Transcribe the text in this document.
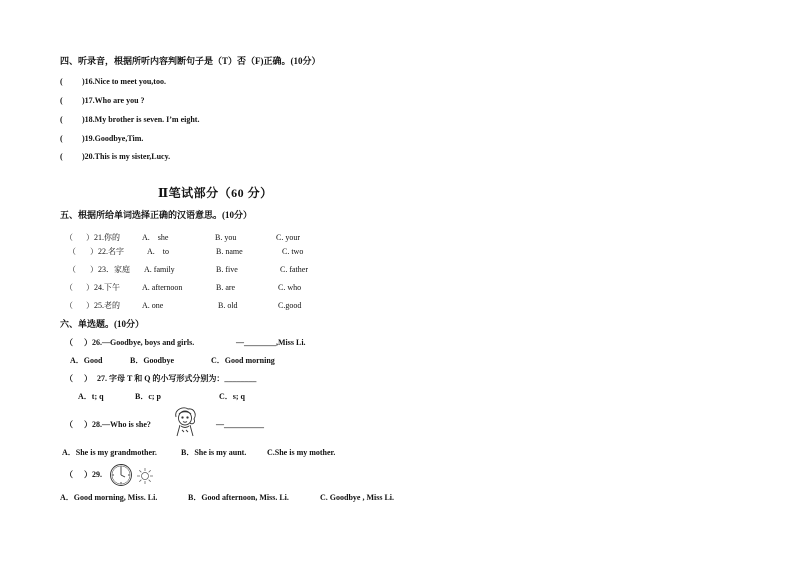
四、听录音，根据所听内容判断句子是（T）否（F)正确。(10分）
( )16.Nice to meet you,too.
( )17.Who are you ?
( )18.My brother is seven. I’m eight.
( )19.Goodbye,Tim.
( )20.This is my sister,Lucy.
Ⅱ笔试部分（60 分）
五、根据所给单词选择正确的汉语意思。(10分）
（ ）21.你的	A.　she	B. you	C. your
（ ）22.名字	A.　to	B. name	C. two
（ ）23．家庭 A. family	B. five	C. father
（ ）24.下午	A. afternoon	B. are	C. who
（ ）25.老的	A. one	B. old	C.good
六、单选题。(10分）
（ ）26.—Goodbye, boys and girls.	—________,Miss Li.
A．Good	B．Goodbye	C．Good morning
（ ） 27. 字母 T 和 Q 的小写形式分别为：________
A．t; q	B．c; p	C．s; q
（ ）28.—Who is she?	—__________
A．She is my grandmother.	B．She is my aunt.	C.She is my mother.
（ ）29.
A．Good morning, Miss. Li.	B．Good afternoon, Miss. Li.	C. Goodbye , Miss Li.
